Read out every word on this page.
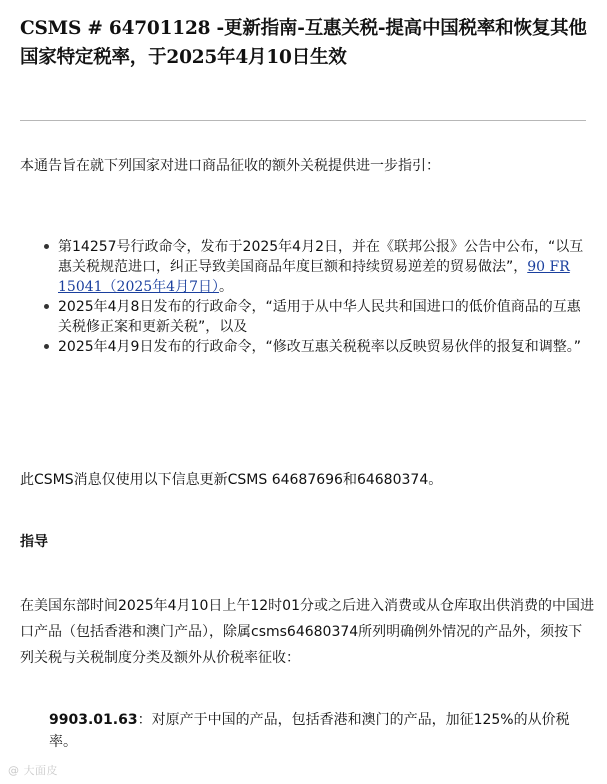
CSMS # 64701128 -更新指南-互惠关税-提高中国税率和恢复其他国家特定税率，于2025年4月10日生效

本通告旨在就下列国家对进口商品征收的额外关税提供进一步指引：

第14257号行政命令，发布于2025年4月2日，并在《联邦公报》公告中公布，“以互惠关税规范进口，纠正导致美国商品年度巨额和持续贸易逆差的贸易做法”，90 FR 15041（2025年4月7日）。
2025年4月8日发布的行政命令，“适用于从中华人民共和国进口的低价值商品的互惠关税修正案和更新关税”，以及
2025年4月9日发布的行政命令，“修改互惠关税税率以反映贸易伙伴的报复和调整。”

此CSMS消息仅使用以下信息更新CSMS 64687696和64680374。

指导

在美国东部时间2025年4月10日上午12时01分或之后进入消费或从仓库取出供消费的中国进口产品（包括香港和澳门产品），除属csms64680374所列明确例外情况的产品外，须按下列关税与关税制度分类及额外从价税率征收：

9903.01.63：对原产于中国的产品，包括香港和澳门的产品，加征125%的从价税率。

@ 大面皮
